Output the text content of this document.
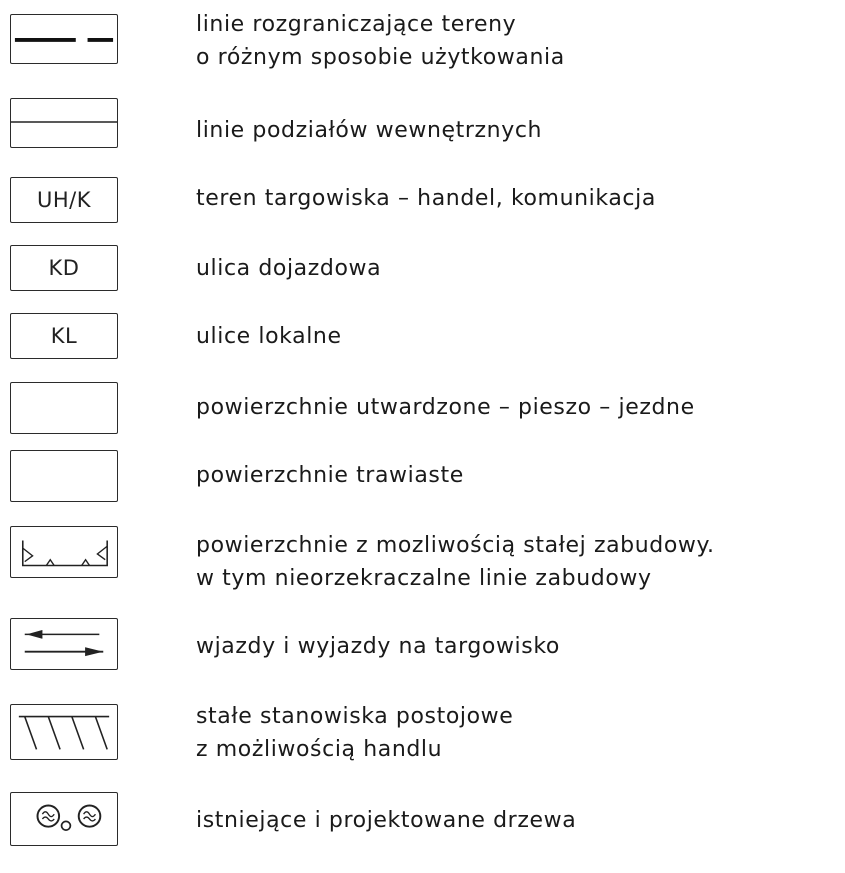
linie rozgraniczające tereny
o różnym sposobie użytkowania
linie podziałów wewnętrznych
UH/K	teren targowiska – handel, komunikacja
KD	ulica dojazdowa
KL	ulice lokalne
powierzchnie utwardzone – pieszo – jezdne
powierzchnie trawiaste
powierzchnie z mozliwością stałej zabudowy.
w tym nieorzekraczalne linie zabudowy
wjazdy i wyjazdy na targowisko
stałe stanowiska postojowe
z możliwością handlu
istniejące i projektowane drzewa
